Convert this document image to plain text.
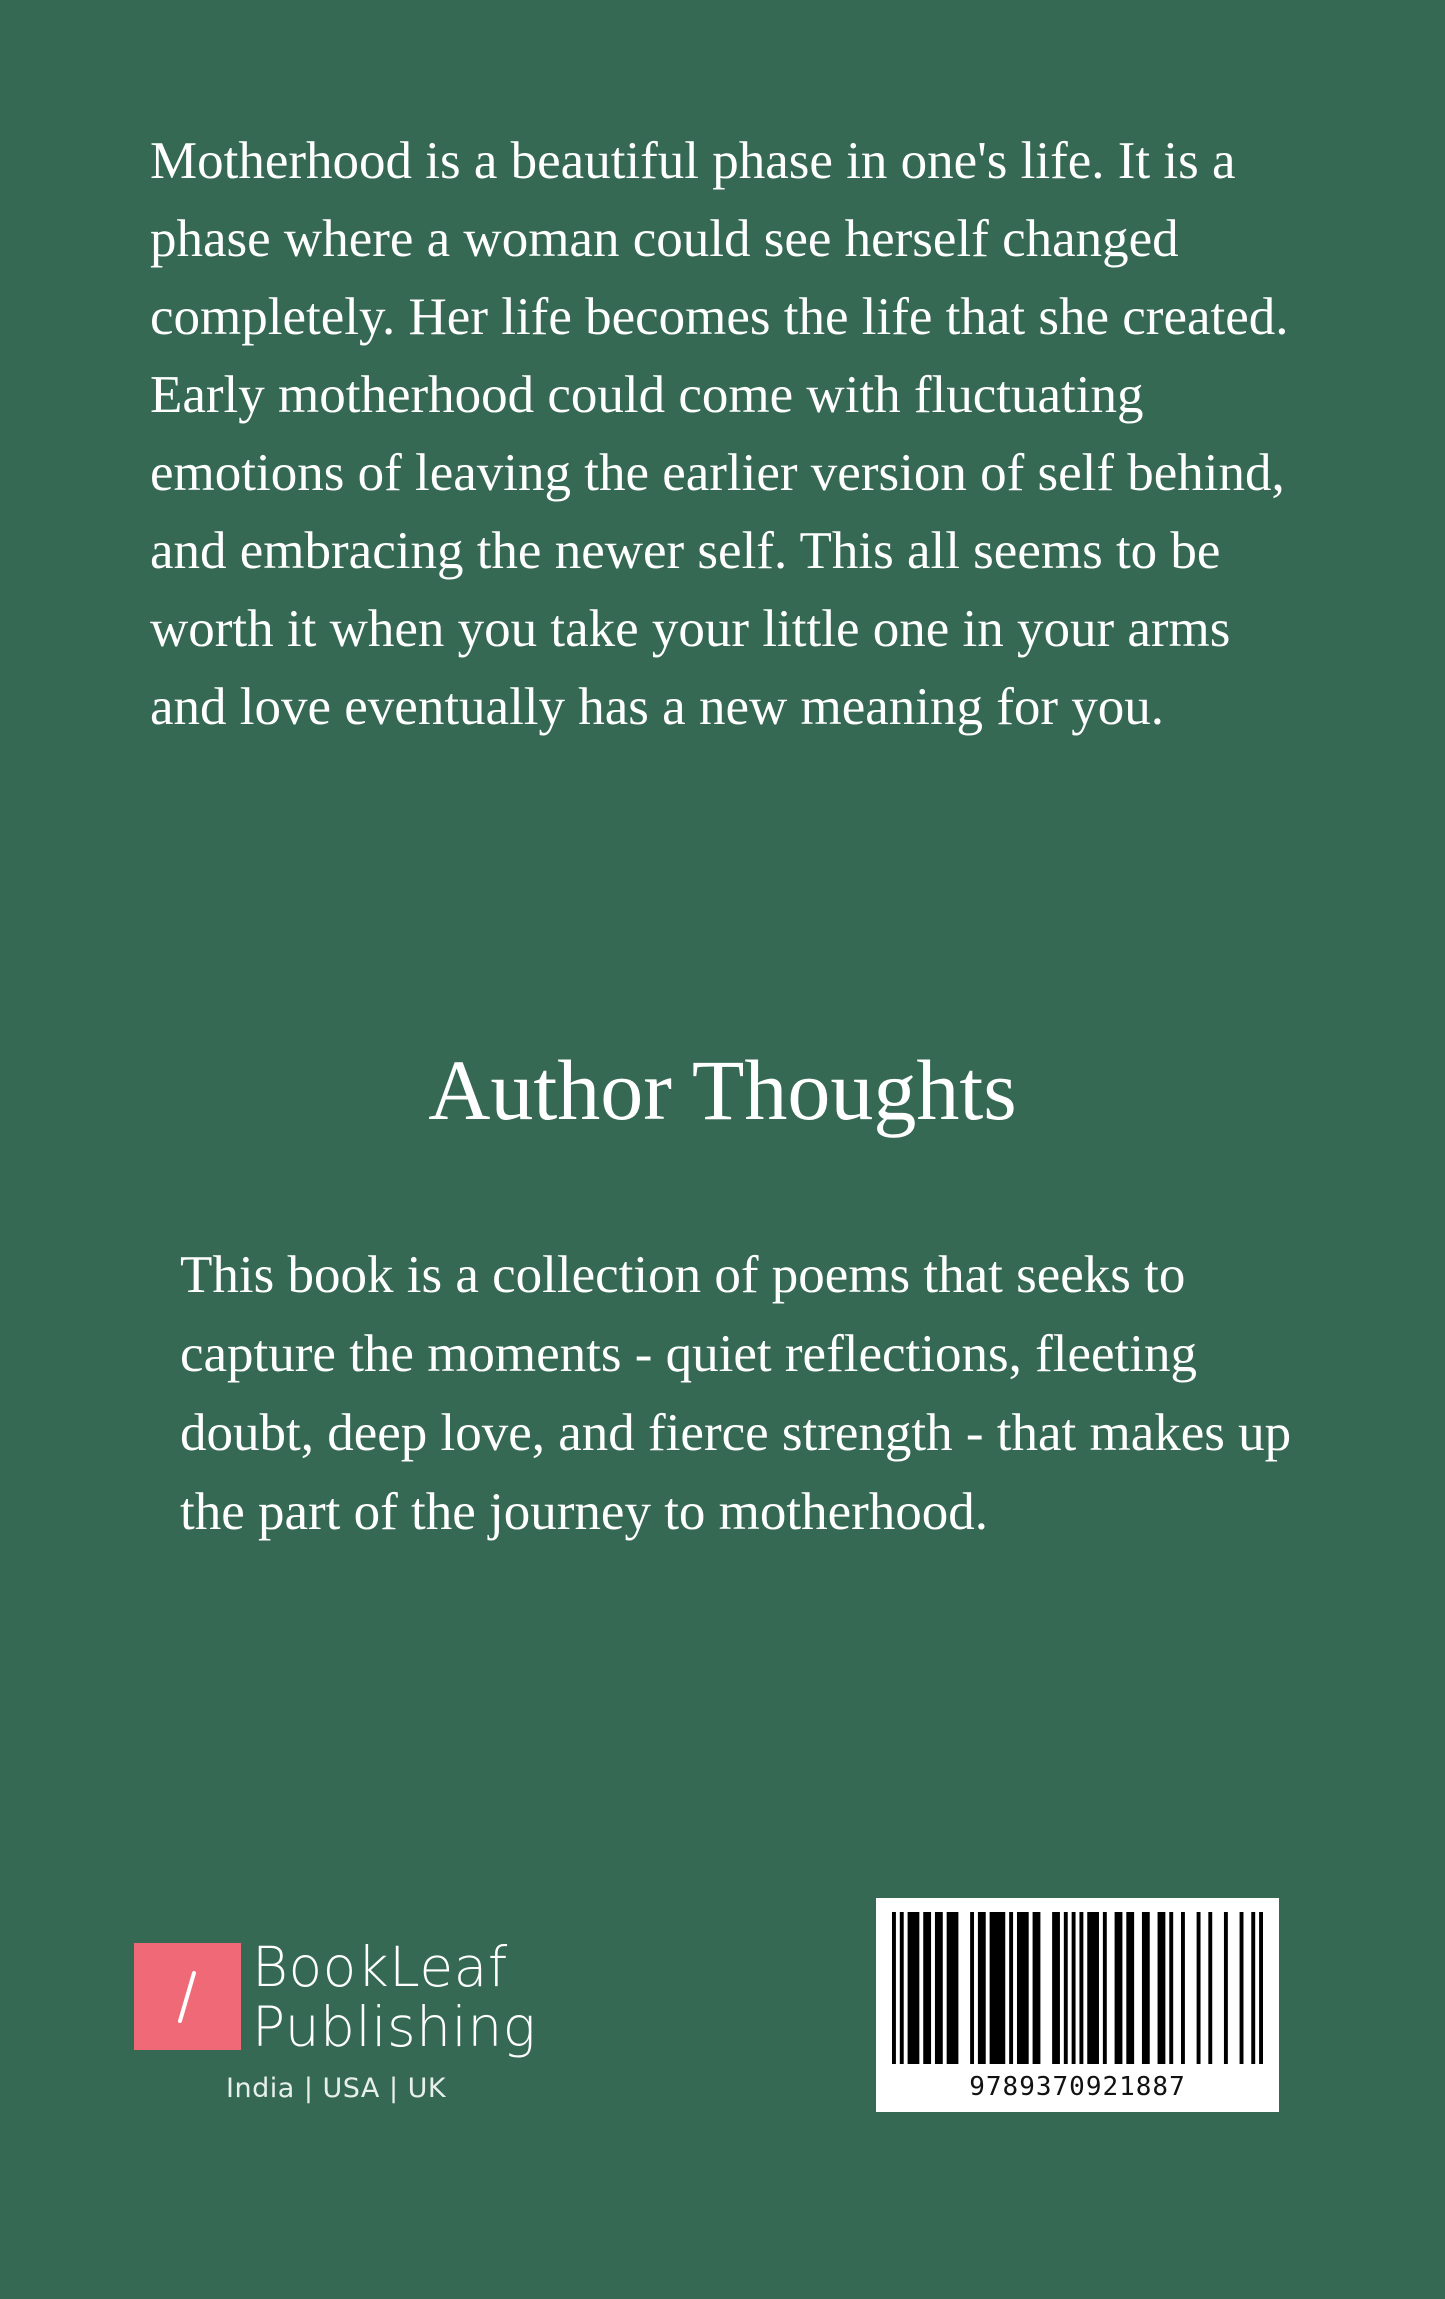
Motherhood is a beautiful phase in one's life. It is a phase where a woman could see herself changed completely. Her life becomes the life that she created.

Early motherhood could come with fluctuating emotions of leaving the earlier version of self behind, and embracing the newer self. This all seems to be worth it when you take your little one in your arms and love eventually has a new meaning for you.

Author Thoughts

This book is a collection of poems that seeks to capture the moments - quiet reflections, fleeting doubt, deep love, and fierce strength - that makes up the part of the journey to motherhood.

BookLeaf
Publishing
India | USA | UK	9789370921887
